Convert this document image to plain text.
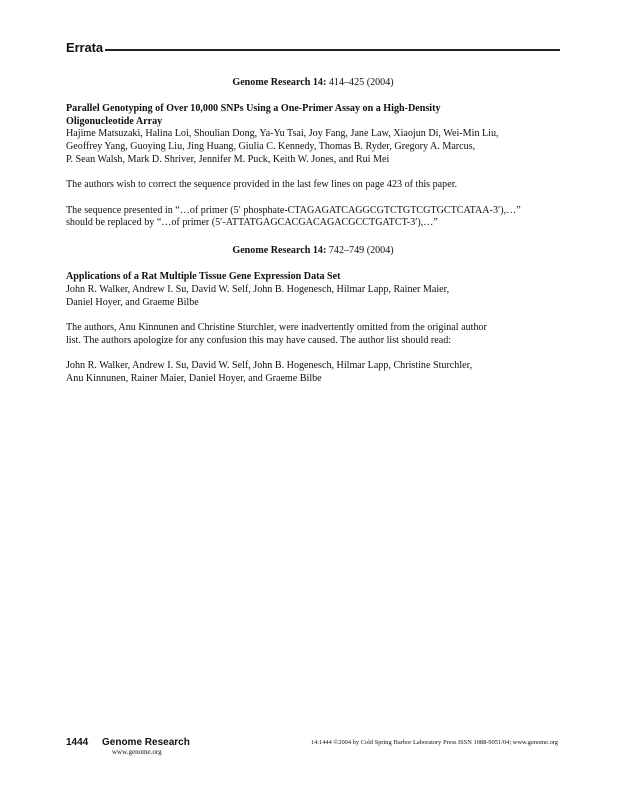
Errata

Genome Research 14: 414–425 (2004)

Parallel Genotyping of Over 10,000 SNPs Using a One-Primer Assay on a High-Density
Oligonucleotide Array

Hajime Matsuzaki, Halina Loi, Shoulian Dong, Ya-Yu Tsai, Joy Fang, Jane Law, Xiaojun Di, Wei-Min Liu,
Geoffrey Yang, Guoying Liu, Jing Huang, Giulia C. Kennedy, Thomas B. Ryder, Gregory A. Marcus,
P. Sean Walsh, Mark D. Shriver, Jennifer M. Puck, Keith W. Jones, and Rui Mei

The authors wish to correct the sequence provided in the last few lines on page 423 of this paper.

The sequence presented in “…of primer (5′ phosphate-CTAGAGATCAGGCGTCTGTCGTGCTCATAA-3′),…”
should be replaced by “…of primer (5′-ATTATGAGCACGACAGACGCCTGATCT-3′),…”

Genome Research 14: 742–749 (2004)

Applications of a Rat Multiple Tissue Gene Expression Data Set

John R. Walker, Andrew I. Su, David W. Self, John B. Hogenesch, Hilmar Lapp, Rainer Maier,
Daniel Hoyer, and Graeme Bilbe

The authors, Anu Kinnunen and Christine Sturchler, were inadvertently omitted from the original author
list. The authors apologize for any confusion this may have caused. The author list should read:

John R. Walker, Andrew I. Su, David W. Self, John B. Hogenesch, Hilmar Lapp, Christine Sturchler,
Anu Kinnunen, Rainer Maier, Daniel Hoyer, and Graeme Bilbe

1444 Genome Research
www.genome.org
14:1444 ©2004 by Cold Spring Harbor Laboratory Press ISSN 1088-9051/04; www.genome.org
